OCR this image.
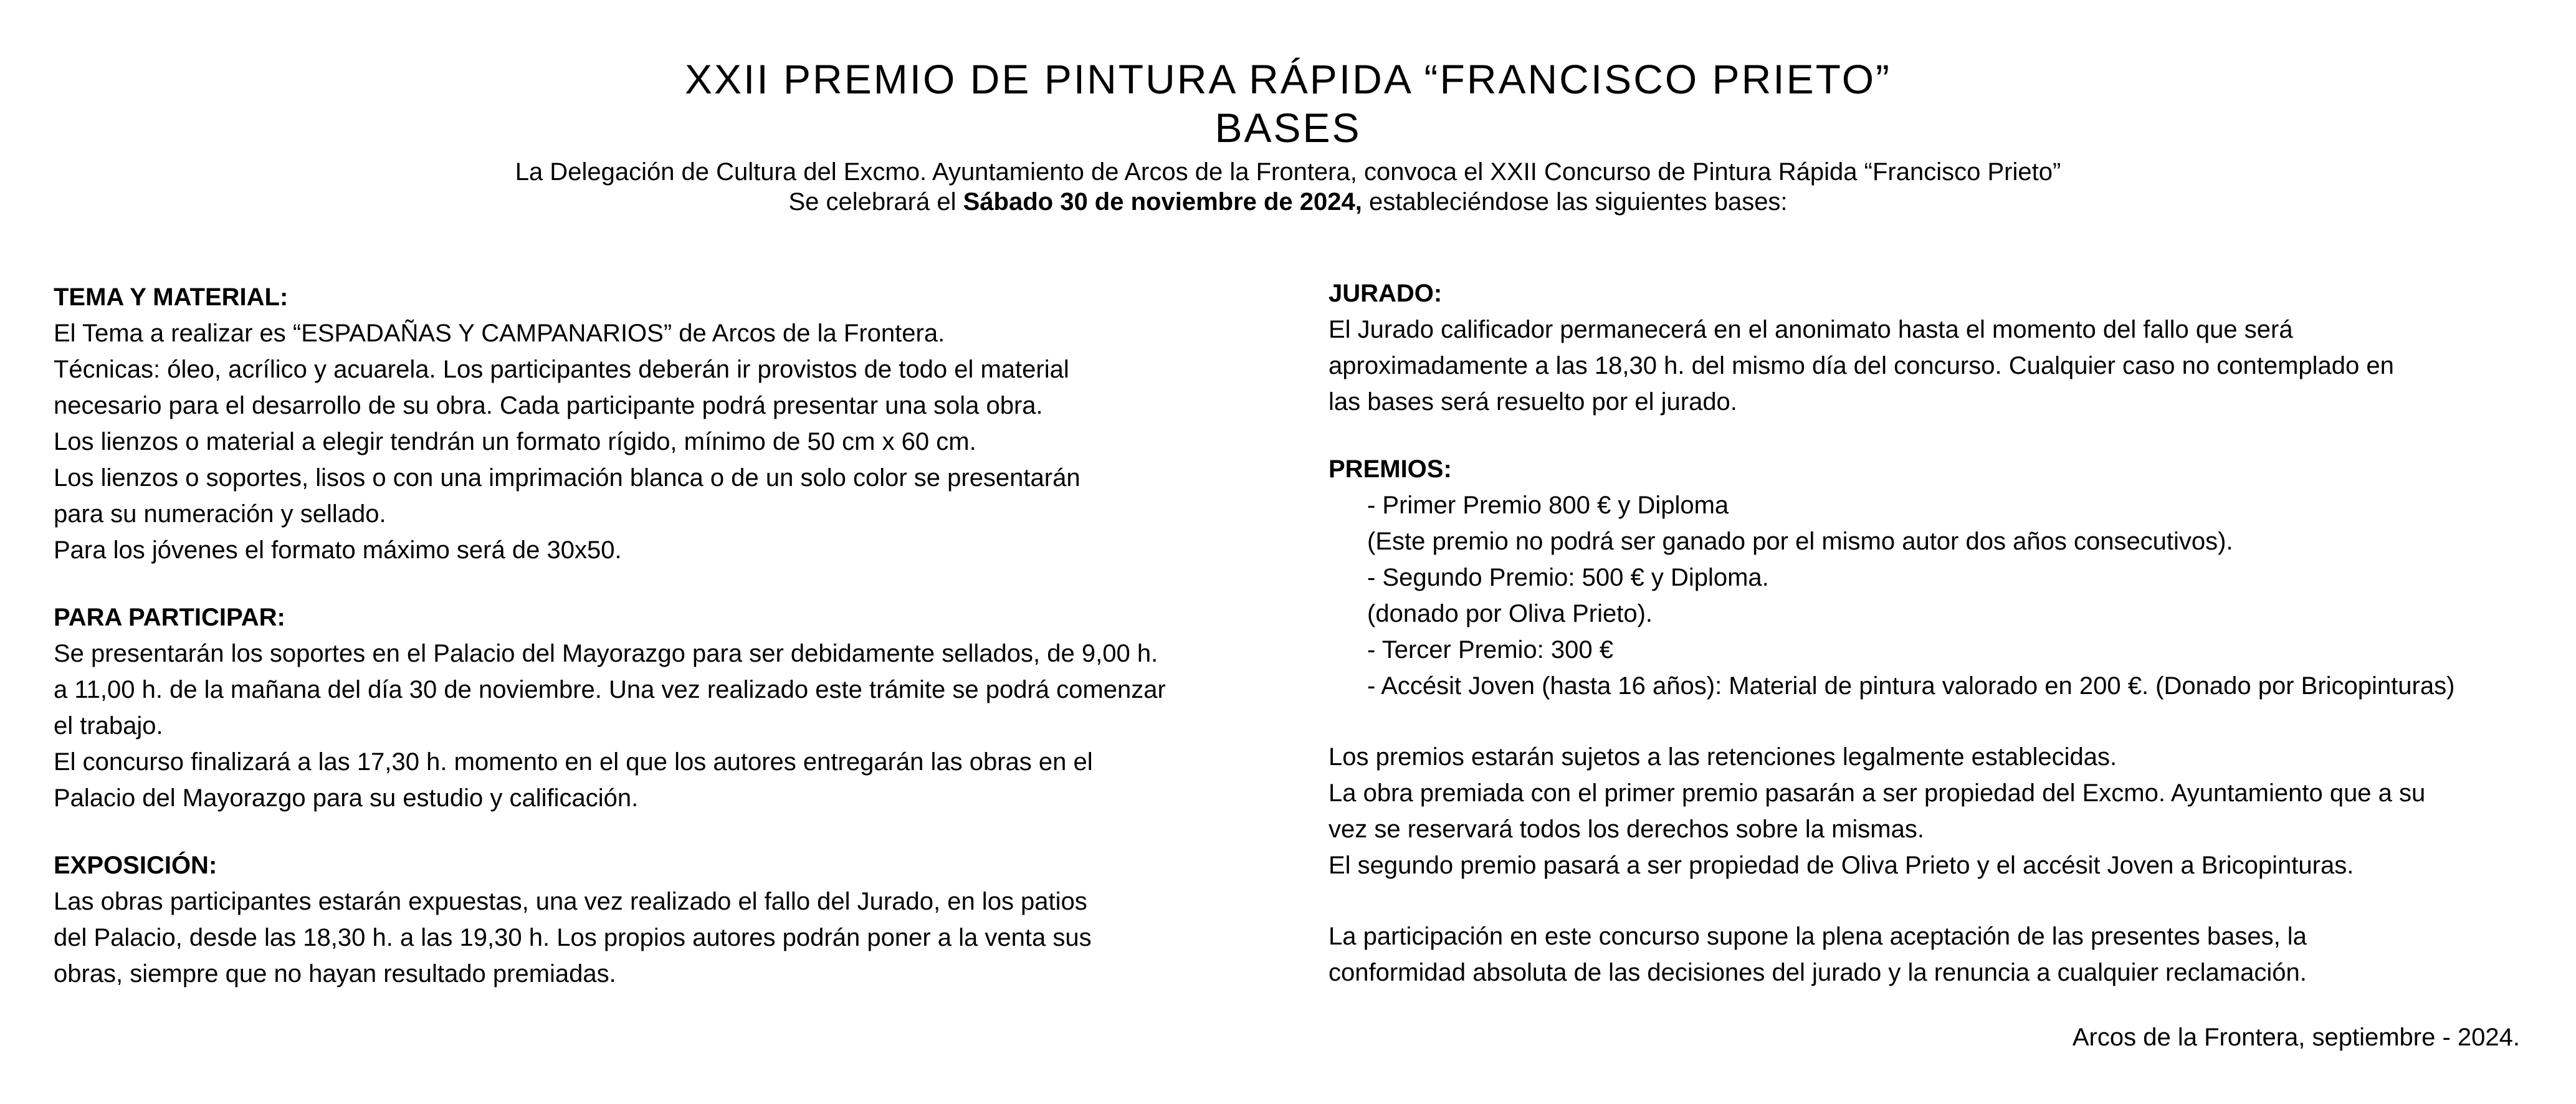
XXII PREMIO DE PINTURA RÁPIDA “FRANCISCO PRIETO”

BASES

La Delegación de Cultura del Excmo. Ayuntamiento de Arcos de la Frontera, convoca el XXII Concurso de Pintura Rápida “Francisco Prieto”

Se celebrará el Sábado 30 de noviembre de 2024, estableciéndose las siguientes bases:

TEMA Y MATERIAL:
El Tema a realizar es “ESPADAÑAS Y CAMPANARIOS” de Arcos de la Frontera.
Técnicas: óleo, acrílico y acuarela. Los participantes deberán ir provistos de todo el material
necesario para el desarrollo de su obra. Cada participante podrá presentar una sola obra.
Los lienzos o material a elegir tendrán un formato rígido, mínimo de 50 cm x 60 cm.
Los lienzos o soportes, lisos o con una imprimación blanca o de un solo color se presentarán
para su numeración y sellado.
Para los jóvenes el formato máximo será de 30x50.
PARA PARTICIPAR:
Se presentarán los soportes en el Palacio del Mayorazgo para ser debidamente sellados, de 9,00 h.
a 11,00 h. de la mañana del día 30 de noviembre. Una vez realizado este trámite se podrá comenzar
el trabajo.
El concurso finalizará a las 17,30 h. momento en el que los autores entregarán las obras en el
Palacio del Mayorazgo para su estudio y calificación.
EXPOSICIÓN:
Las obras participantes estarán expuestas, una vez realizado el fallo del Jurado, en los patios
del Palacio, desde las 18,30 h. a las 19,30 h. Los propios autores podrán poner a la venta sus
obras, siempre que no hayan resultado premiadas.
JURADO:
El Jurado calificador permanecerá en el anonimato hasta el momento del fallo que será
aproximadamente a las 18,30 h. del mismo día del concurso. Cualquier caso no contemplado en
las bases será resuelto por el jurado.
PREMIOS:
- Primer Premio 800 € y Diploma
(Este premio no podrá ser ganado por el mismo autor dos años consecutivos).
- Segundo Premio: 500 € y Diploma.
(donado por Oliva Prieto).
- Tercer Premio: 300 €
- Accésit Joven (hasta 16 años): Material de pintura valorado en 200 €. (Donado por Bricopinturas)
Los premios estarán sujetos a las retenciones legalmente establecidas.
La obra premiada con el primer premio pasarán a ser propiedad del Excmo. Ayuntamiento que a su
vez se reservará todos los derechos sobre la mismas.
El segundo premio pasará a ser propiedad de Oliva Prieto y el accésit Joven a Bricopinturas.
La participación en este concurso supone la plena aceptación de las presentes bases, la
conformidad absoluta de las decisiones del jurado y la renuncia a cualquier reclamación.
Arcos de la Frontera, septiembre - 2024.
